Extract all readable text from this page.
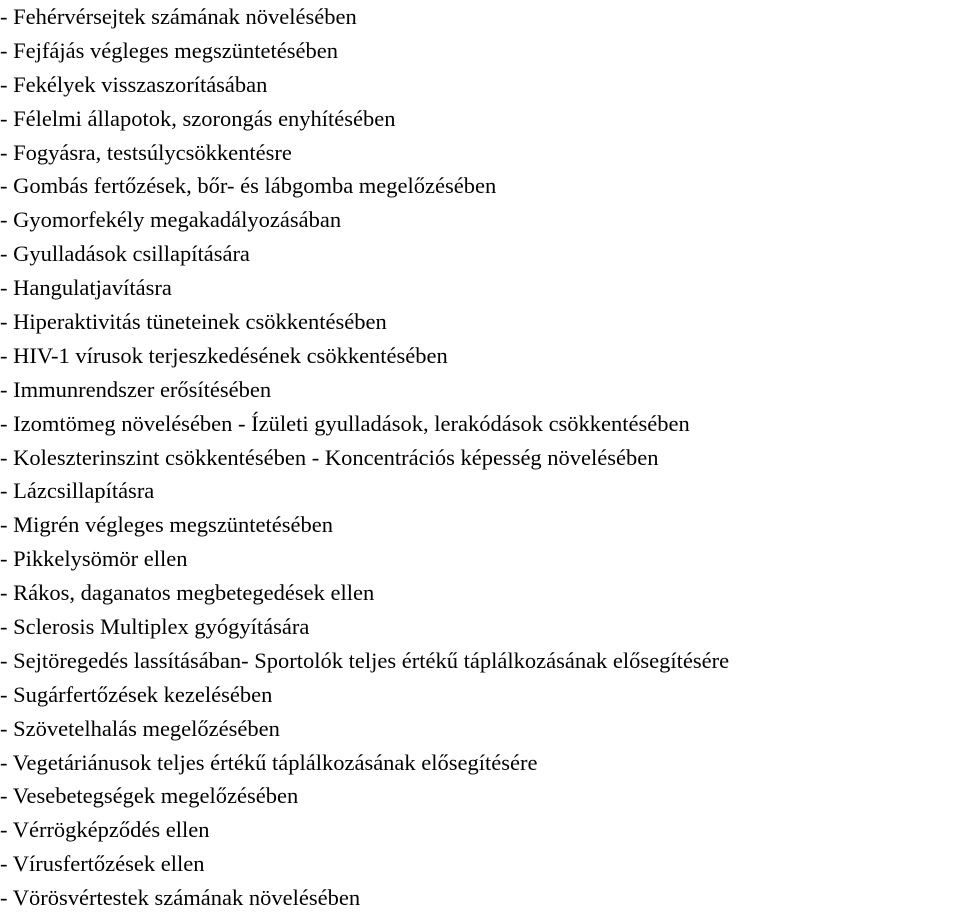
- Fehérvérsejtek számának növelésében
- Fejfájás végleges megszüntetésében
- Fekélyek visszaszorításában
- Félelmi állapotok, szorongás enyhítésében
- Fogyásra, testsúlycsökkentésre
- Gombás fertőzések, bőr- és lábgomba megelőzésében
- Gyomorfekély megakadályozásában
- Gyulladások csillapítására
- Hangulatjavításra
- Hiperaktivitás tüneteinek csökkentésében
- HIV-1 vírusok terjeszkedésének csökkentésében
- Immunrendszer erősítésében
- Izomtömeg növelésében - Ízületi gyulladások, lerakódások csökkentésében
- Koleszterinszint csökkentésében - Koncentrációs képesség növelésében
- Lázcsillapításra
- Migrén végleges megszüntetésében
- Pikkelysömör ellen
- Rákos, daganatos megbetegedések ellen
- Sclerosis Multiplex gyógyítására
- Sejtöregedés lassításában- Sportolók teljes értékű táplálkozásának elősegítésére
- Sugárfertőzések kezelésében
- Szövetelhalás megelőzésében
- Vegetáriánusok teljes értékű táplálkozásának elősegítésére
- Vesebetegségek megelőzésében
- Vérrögképződés ellen
- Vírusfertőzések ellen
- Vörösvértestek számának növelésében
